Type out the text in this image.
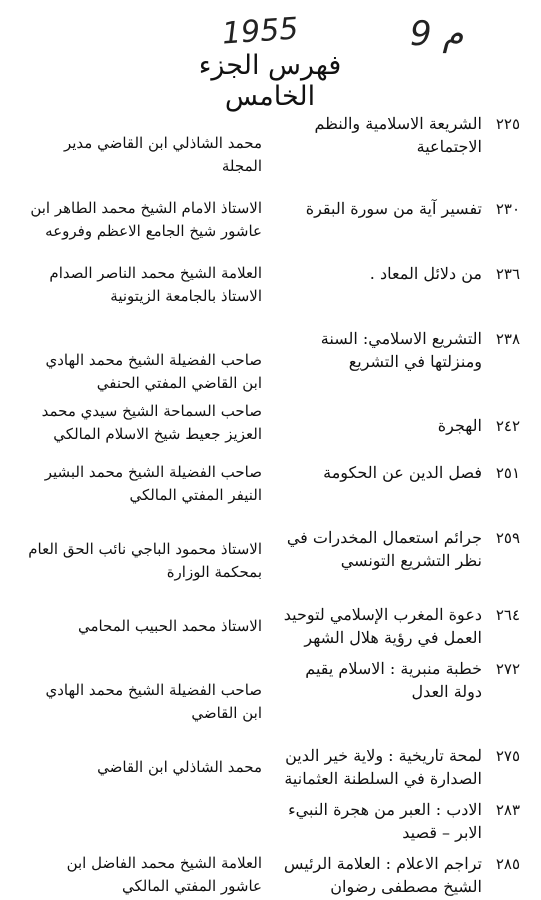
1955	م 9
فهرس الجزء الخامس
٢٢٥
الشريعة الاسلامية والنظم الاجتماعية
محمد الشاذلي ابن القاضي مدير المجلة
٢٣٠
تفسير آية من سورة البقرة
الاستاذ الامام الشيخ محمد الطاهر ابن عاشور شيخ الجامع الاعظم وفروعه
٢٣٦
من دلائل المعاد .
العلامة الشيخ محمد الناصر الصدام الاستاذ بالجامعة الزيتونية
٢٣٨
التشريع الاسلامي: السنة ومنزلتها في التشريع
صاحب الفضيلة الشيخ محمد الهادي ابن القاضي المفتي الحنفي
٢٤٢
الهجرة
صاحب السماحة الشيخ سيدي محمد العزيز جعيط شيخ الاسلام المالكي
٢٥١
فصل الدين عن الحكومة
صاحب الفضيلة الشيخ محمد البشير النيفر المفتي المالكي
٢٥٩
جرائم استعمال المخدرات في نظر التشريع التونسي
الاستاذ محمود الباجي نائب الحق العام بمحكمة الوزارة
٢٦٤
دعوة المغرب الإسلامي لتوحيد العمل في رؤية هلال الشهر
الاستاذ محمد الحبيب المحامي
٢٧٢
خطبة منبرية : الاسلام يقيم دولة العدل
صاحب الفضيلة الشيخ محمد الهادي ابن القاضي
٢٧٥
لمحة تاريخية : ولاية خير الدين الصدارة في السلطنة العثمانية
محمد الشاذلي ابن القاضي
٢٨٣
الادب : العبر من هجرة النبيء الابر – قصيد
٢٨٥
تراجم الاعلام : العلامة الرئيس الشيخ مصطفى رضوان
العلامة الشيخ محمد الفاضل ابن عاشور المفتي المالكي
